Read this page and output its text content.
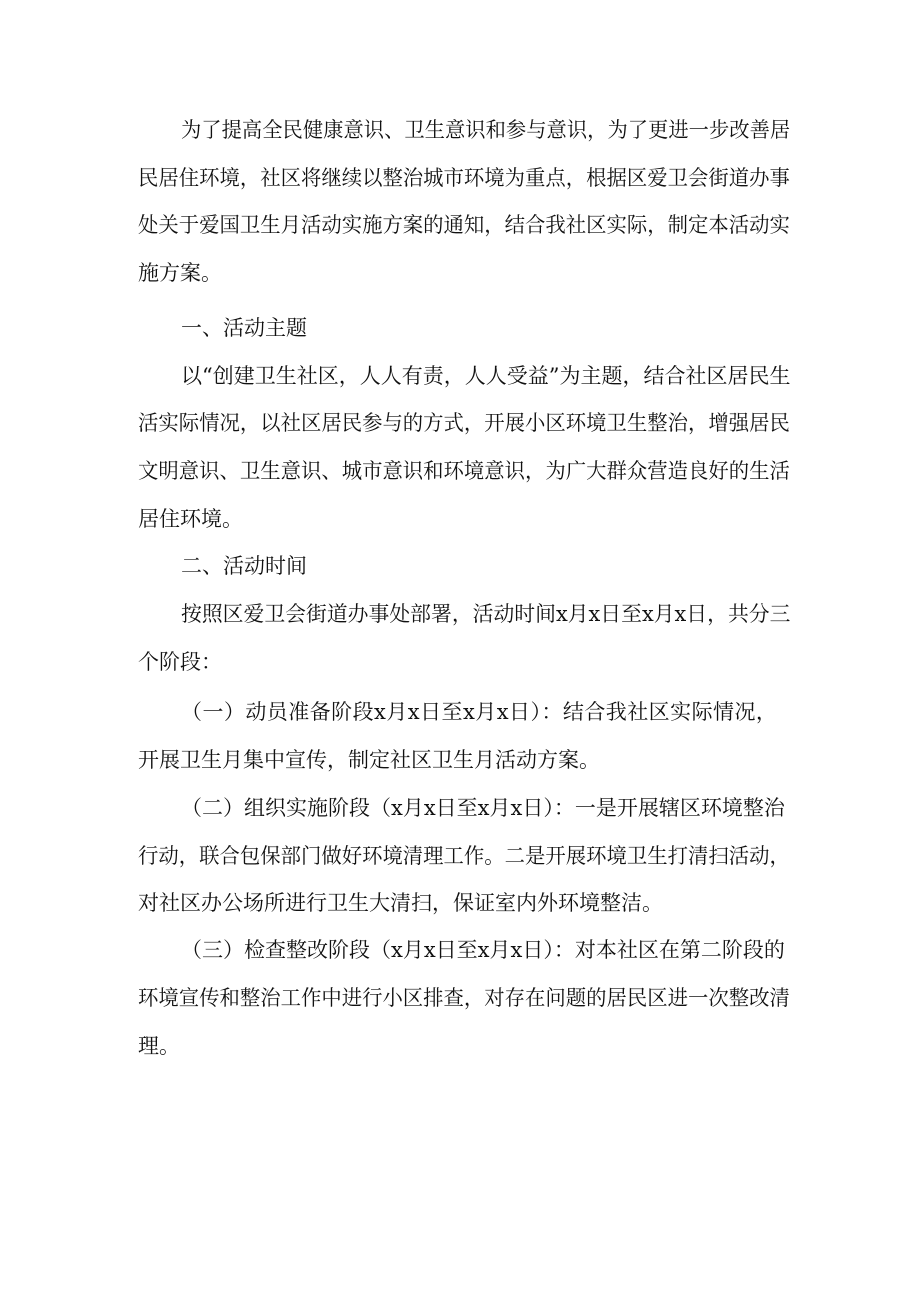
为了提高全民健康意识、卫生意识和参与意识，为了更进一步改善居
民居住环境，社区将继续以整治城市环境为重点，根据区爱卫会街道办事
处关于爱国卫生月活动实施方案的通知，结合我社区实际，制定本活动实
施方案。
一、活动主题
以“创建卫生社区，人人有责，人人受益”为主题，结合社区居民生
活实际情况，以社区居民参与的方式，开展小区环境卫生整治，增强居民
文明意识、卫生意识、城市意识和环境意识，为广大群众营造良好的生活
居住环境。
二、活动时间
按照区爱卫会街道办事处部署，活动时间x月x日至x月x日，共分三
个阶段：
（一）动员准备阶段x月x日至x月x日）：结合我社区实际情况，
开展卫生月集中宣传，制定社区卫生月活动方案。
（二）组织实施阶段（x月x日至x月x日）：一是开展辖区环境整治
行动，联合包保部门做好环境清理工作。二是开展环境卫生打清扫活动，
对社区办公场所进行卫生大清扫，保证室内外环境整洁。
（三）检查整改阶段（x月x日至x月x日）：对本社区在第二阶段的
环境宣传和整治工作中进行小区排查，对存在问题的居民区进一次整改清
理。
